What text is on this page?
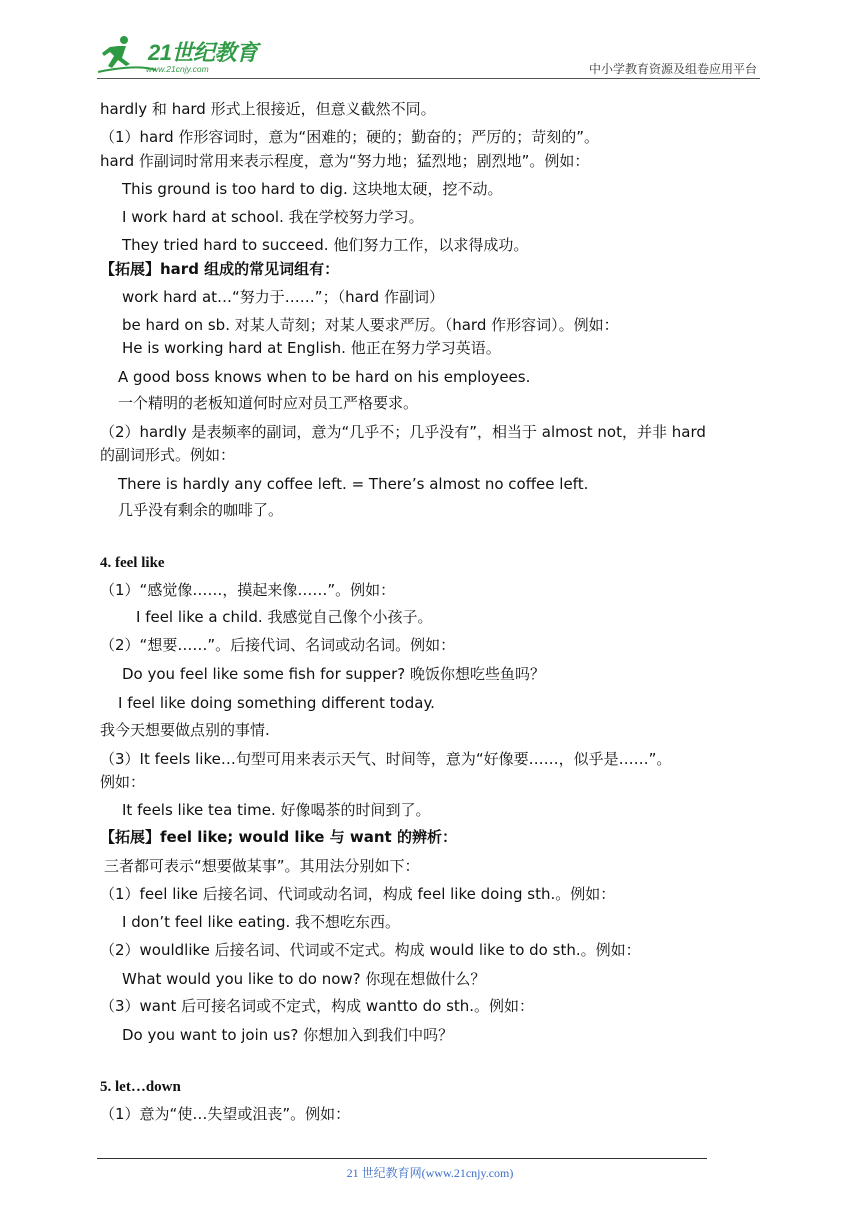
21世纪教育
www.21cnjy.com	中小学教育资源及组卷应用平台
hardly 和 hard 形式上很接近，但意义截然不同。
（1）hard 作形容词时，意为“困难的；硬的；勤奋的；严厉的；苛刻的”。
hard 作副词时常用来表示程度，意为“努力地；猛烈地；剧烈地”。例如：
This ground is too hard to dig. 这块地太硬，挖不动。
I work hard at school. 我在学校努力学习。
They tried hard to succeed. 他们努力工作，以求得成功。
【拓展】hard 组成的常见词组有：
work hard at…“努力于……”；（hard 作副词）
be hard on sb. 对某人苛刻；对某人要求严厉。（hard 作形容词）。例如：
He is working hard at English. 他正在努力学习英语。
A good boss knows when to be hard on his employees.
一个精明的老板知道何时应对员工严格要求。
（2）hardly 是表频率的副词，意为“几乎不；几乎没有”，相当于 almost not，并非 hard
的副词形式。例如：
There is hardly any coffee left. = There’s almost no coffee left.
几乎没有剩余的咖啡了。
4. feel like
（1）“感觉像……，摸起来像……”。例如：
I feel like a child. 我感觉自己像个小孩子。
（2）“想要……”。后接代词、名词或动名词。例如：
Do you feel like some fish for supper? 晚饭你想吃些鱼吗？
I feel like doing something different today.
我今天想要做点别的事情.
（3）It feels like…句型可用来表示天气、时间等，意为“好像要……，似乎是……”。
例如：
It feels like tea time. 好像喝茶的时间到了。
【拓展】feel like; would like 与 want 的辨析：
三者都可表示“想要做某事”。其用法分别如下：
（1）feel like 后接名词、代词或动名词，构成 feel like doing sth.。例如：
I don’t feel like eating. 我不想吃东西。
（2）wouldlike 后接名词、代词或不定式。构成 would like to do sth.。例如：
What would you like to do now? 你现在想做什么？
（3）want 后可接名词或不定式，构成 wantto do sth.。例如：
Do you want to join us? 你想加入到我们中吗？
5. let…down
（1）意为“使…失望或沮丧”。例如：
21 世纪教育网(www.21cnjy.com)
